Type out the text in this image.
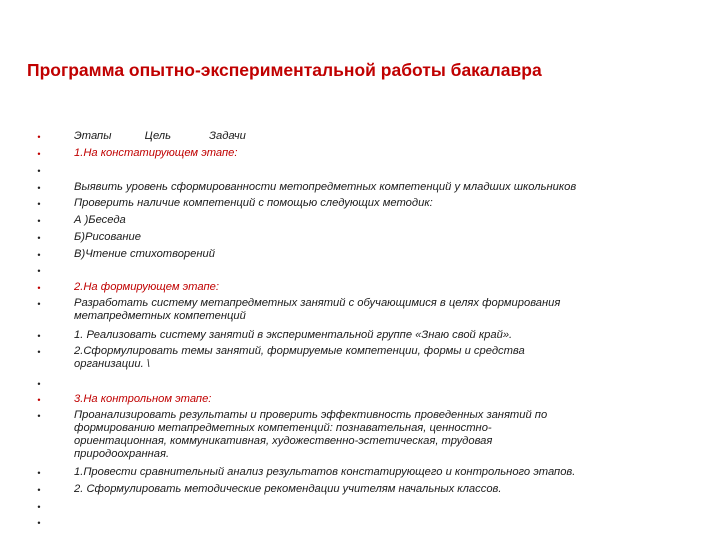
Программа опытно-экспериментальной работы бакалавра
•
•
•
•
•
•
•
•
•
•
•
•
•
•
•
•
•
•
•
•
Этапы	Цель	Задачи
1.На констатирующем этапе:
Выявить уровень сформированности метопредметных компетенций у младших школьников
Проверить наличие компетенций с помощью следующих методик:
А )Беседа
Б)Рисование
В)Чтение стихотворений
2.На формирующем этапе:
Разработать систему метапредметных занятий с обучающимися в целях формирования
метапредметных компетенций
1. Реализовать систему занятий в экспериментальной группе «Знаю свой край».
2.Сформулировать темы занятий, формируемые компетенции, формы и средства
организации. \
3.На контрольном этапе:
Проанализировать результаты и проверить эффективность проведенных занятий по
формированию метапредметных компетенций: познавательная, ценностно-
ориентационная, коммуникативная, художественно-эстетическая, трудовая
природоохранная.
1.Провести сравнительный анализ результатов констатирующего и контрольного этапов.
2. Сформулировать методические рекомендации учителям начальных классов.
